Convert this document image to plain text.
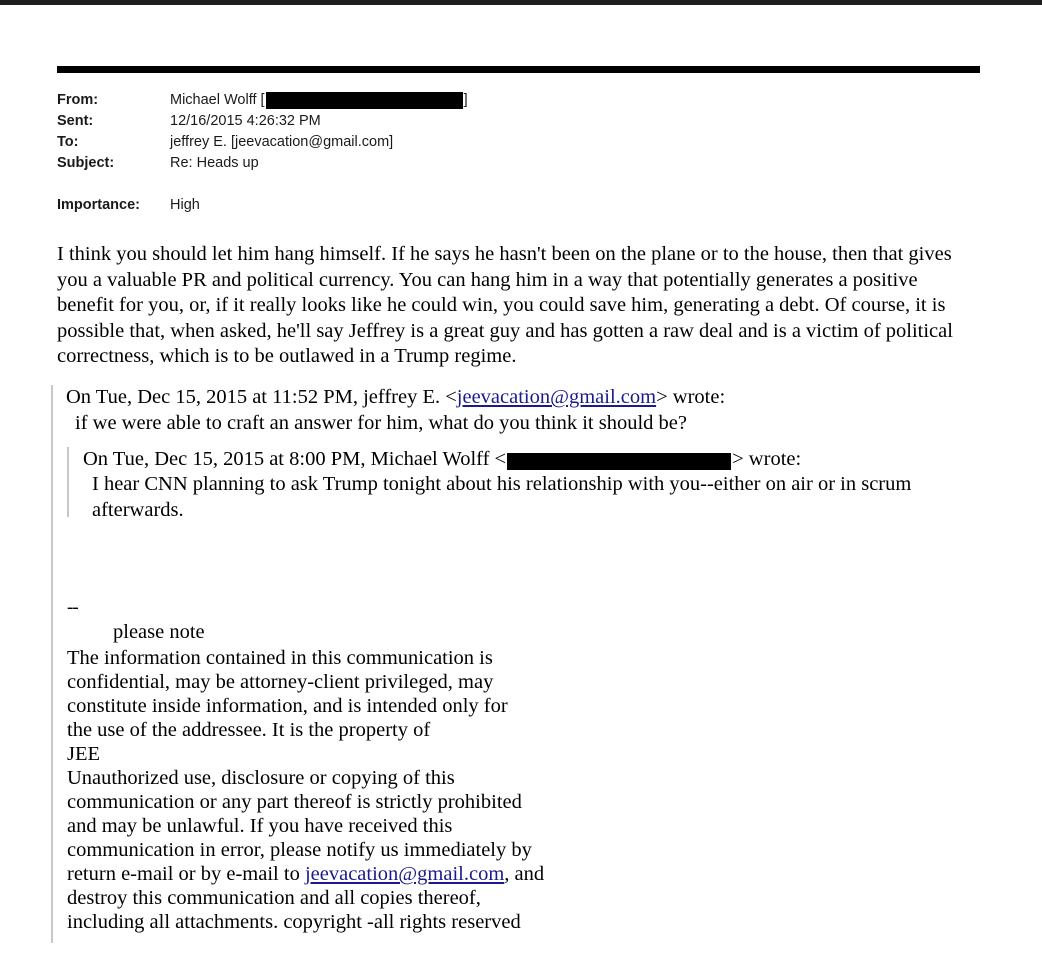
From:	Michael Wolff [	]
Sent:	12/16/2015 4:26:32 PM
To:	jeffrey E. [jeevacation@gmail.com]
Subject:	Re: Heads up
Importance:	High
I think you should let him hang himself. If he says he hasn't been on the plane or to the house, then that gives you a valuable PR and political currency. You can hang him in a way that potentially generates a positive benefit for you, or, if it really looks like he could win, you could save him, generating a debt. Of course, it is possible that, when asked, he'll say Jeffrey is a great guy and has gotten a raw deal and is a victim of political correctness, which is to be outlawed in a Trump regime.
On Tue, Dec 15, 2015 at 11:52 PM, jeffrey E. <jeevacation@gmail.com> wrote:
if we were able to craft an answer for him, what do you think it should be?
On Tue, Dec 15, 2015 at 8:00 PM, Michael Wolff <	> wrote:
I hear CNN planning to ask Trump tonight about his relationship with you--either on air or in scrum afterwards.
--
please note
The information contained in this communication is
confidential, may be attorney-client privileged, may
constitute inside information, and is intended only for
the use of the addressee. It is the property of
JEE
Unauthorized use, disclosure or copying of this
communication or any part thereof is strictly prohibited
and may be unlawful. If you have received this
communication in error, please notify us immediately by
return e-mail or by e-mail to jeevacation@gmail.com, and
destroy this communication and all copies thereof,
including all attachments. copyright -all rights reserved
